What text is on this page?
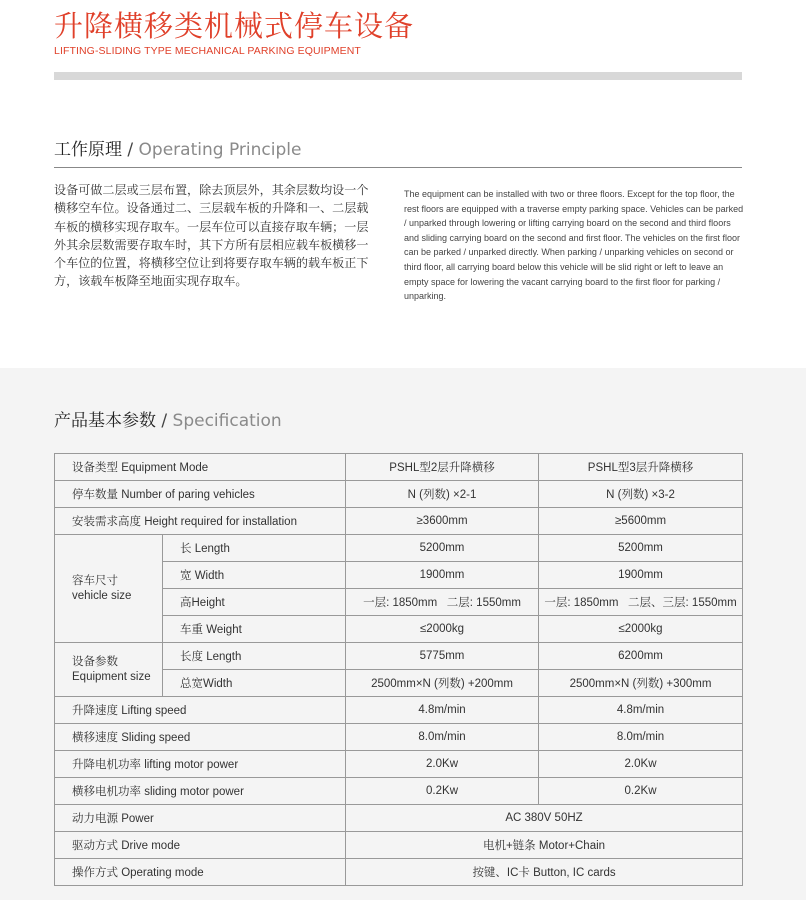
升降横移类机械式停车设备
LIFTING-SLIDING TYPE MECHANICAL PARKING EQUIPMENT
工作原理 / Operating Principle

设备可做二层或三层布置，除去顶层外，其余层数均设一个横移空车位。设备通过二、三层载车板的升降和一、二层载车板的横移实现存取车。一层车位可以直接存取车辆；一层外其余层数需要存取车时，其下方所有层相应载车板横移一个车位的位置，将横移空位让到将要存取车辆的载车板正下方，该载车板降至地面实现存取车。

The equipment can be installed with two or three floors. Except for the top floor, the rest floors are equipped with a traverse empty parking space. Vehicles can be parked / unparked through lowering or lifting carrying board on the second and third floors and sliding carrying board on the second and first floor. The vehicles on the first floor can be parked / unparked directly. When parking / unparking vehicles on second or third floor, all carrying board below this vehicle will be slid right or left to leave an empty space for lowering the vacant carrying board to the first floor for parking / unparking.

产品基本参数 / Specification
设备类型 Equipment Mode		PSHL型2层升降横移	PSHL型3层升降横移
停车数量 Number of paring vehicles		N (列数) ×2-1	N (列数) ×3-2
安装需求高度 Height required for installation		≥3600mm	≥5600mm
容车尺寸
vehicle size	长 Length	5200mm	5200mm
	宽 Width	1900mm	1900mm
	高Height	一层: 1850mm   二层: 1550mm	一层: 1850mm   二层、三层: 1550mm
	车重 Weight	≤2000kg	≤2000kg
设备参数
Equipment size	长度 Length	5775mm	6200mm
	总宽Width	2500mm×N (列数) +200mm	2500mm×N (列数) +300mm
升降速度 Lifting speed		4.8m/min	4.8m/min
横移速度 Sliding speed		8.0m/min	8.0m/min
升降电机功率 lifting motor power		2.0Kw	2.0Kw
横移电机功率 sliding motor power		0.2Kw	0.2Kw
动力电源 Power		AC 380V 50HZ	
驱动方式 Drive mode		电机+链条 Motor+Chain	
操作方式 Operating mode		按键、IC卡 Button, IC cards	
